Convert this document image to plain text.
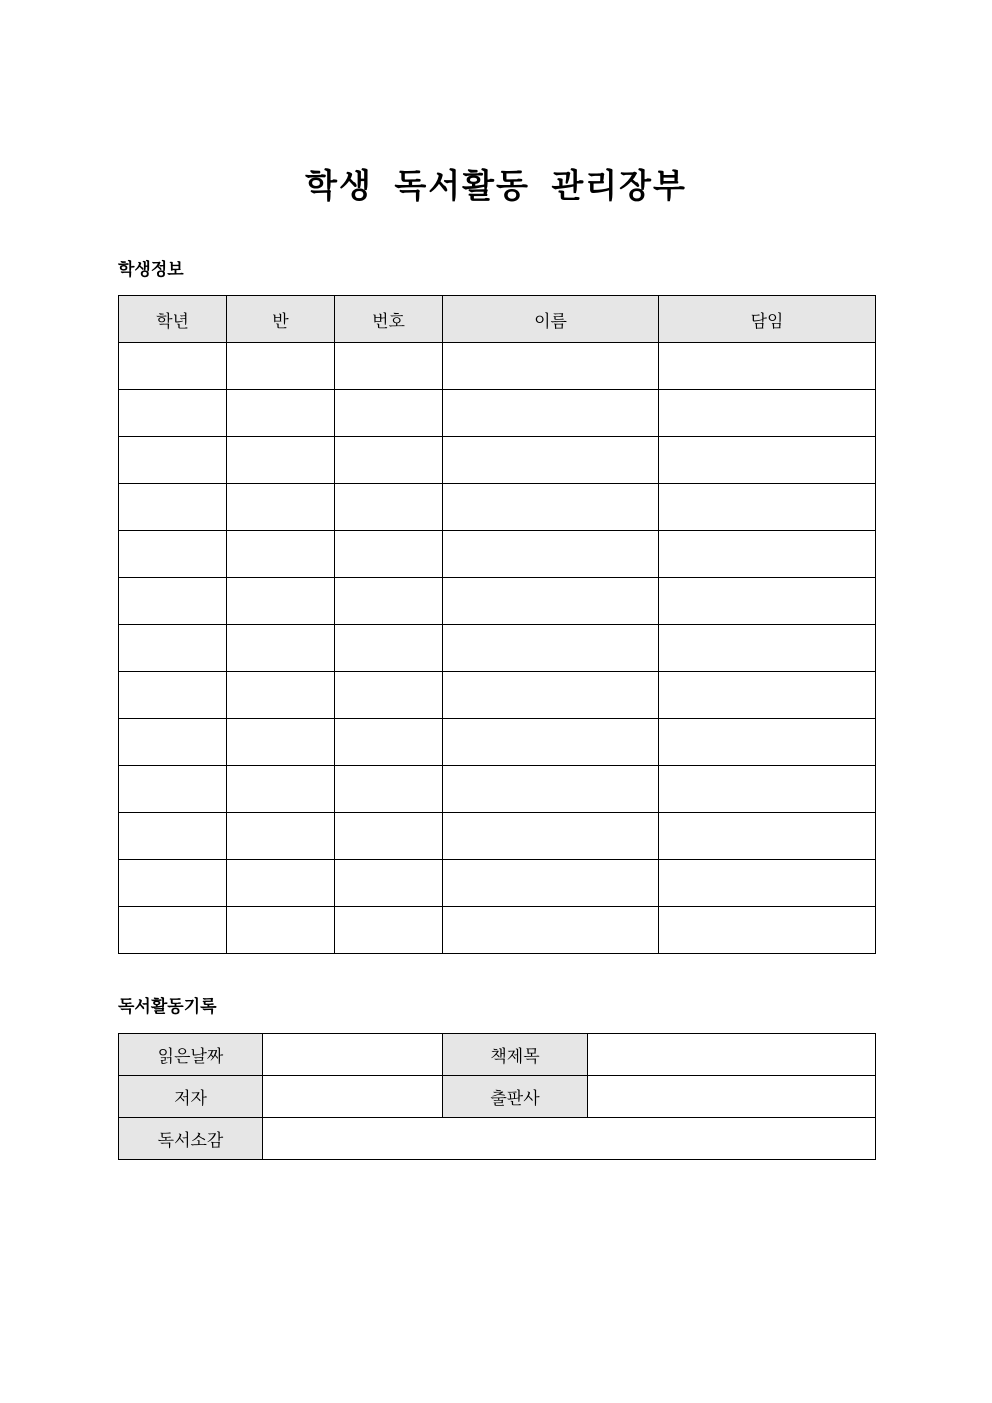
학생 독서활동 관리장부
학생정보
학년	반	번호	이름	담임

독서활동기록
읽은날짜		책제목	
저자		출판사	
독서소감			
